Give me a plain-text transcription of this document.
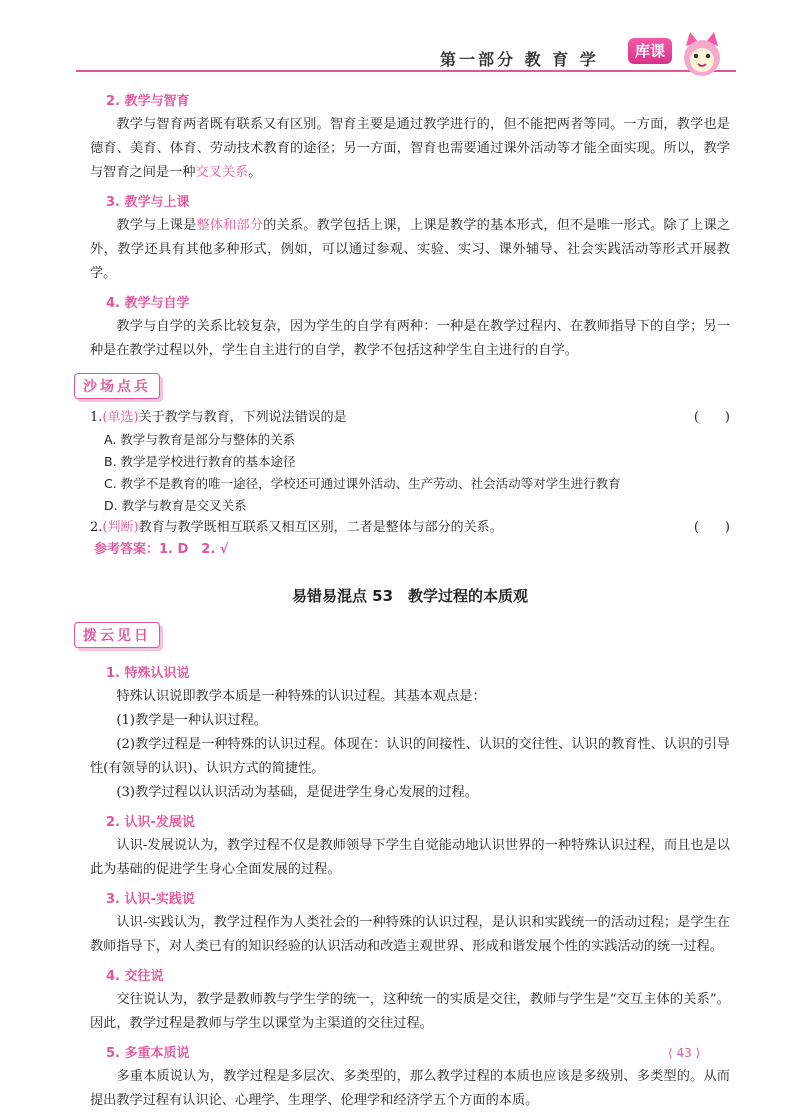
第一部分 教 育 学	库课
2. 教学与智育

教学与智育两者既有联系又有区别。智育主要是通过教学进行的，但不能把两者等同。一方面，教学也是德育、美育、体育、劳动技术教育的途径；另一方面，智育也需要通过课外活动等才能全面实现。所以，教学与智育之间是一种交叉关系。

3. 教学与上课

教学与上课是整体和部分的关系。教学包括上课，上课是教学的基本形式，但不是唯一形式。除了上课之外，教学还具有其他多种形式，例如，可以通过参观、实验、实习、课外辅导、社会实践活动等形式开展教学。

4. 教学与自学

教学与自学的关系比较复杂，因为学生的自学有两种：一种是在教学过程内、在教师指导下的自学；另一种是在教学过程以外，学生自主进行的自学，教学不包括这种学生自主进行的自学。

沙场点兵
1.(单选)关于教学与教育，下列说法错误的是	(　　)
A. 教学与教育是部分与整体的关系
B. 教学是学校进行教育的基本途径
C. 教学不是教育的唯一途径，学校还可通过课外活动、生产劳动、社会活动等对学生进行教育
D. 教学与教育是交叉关系
2.(判断)教育与教学既相互联系又相互区别，二者是整体与部分的关系。	(　　)
参考答案：1. D　2. √
易错易混点 53　教学过程的本质观
拨云见日
1. 特殊认识说

特殊认识说即教学本质是一种特殊的认识过程。其基本观点是：

(1)教学是一种认识过程。

(2)教学过程是一种特殊的认识过程。体现在：认识的间接性、认识的交往性、认识的教育性、认识的引导性(有领导的认识)、认识方式的简捷性。

(3)教学过程以认识活动为基础，是促进学生身心发展的过程。

2. 认识-发展说

认识-发展说认为，教学过程不仅是教师领导下学生自觉能动地认识世界的一种特殊认识过程，而且也是以此为基础的促进学生身心全面发展的过程。

3. 认识-实践说

认识-实践认为，教学过程作为人类社会的一种特殊的认识过程，是认识和实践统一的活动过程；是学生在教师指导下，对人类已有的知识经验的认识活动和改造主观世界、形成和谐发展个性的实践活动的统一过程。

4. 交往说

交往说认为，教学是教师教与学生学的统一，这种统一的实质是交往，教师与学生是“交互主体的关系”。因此，教学过程是教师与学生以课堂为主渠道的交往过程。

5. 多重本质说

多重本质说认为，教学过程是多层次、多类型的，那么教学过程的本质也应该是多级别、多类型的。从而提出教学过程有认识论、心理学、生理学、伦理学和经济学五个方面的本质。

⟨ 43 ⟩
